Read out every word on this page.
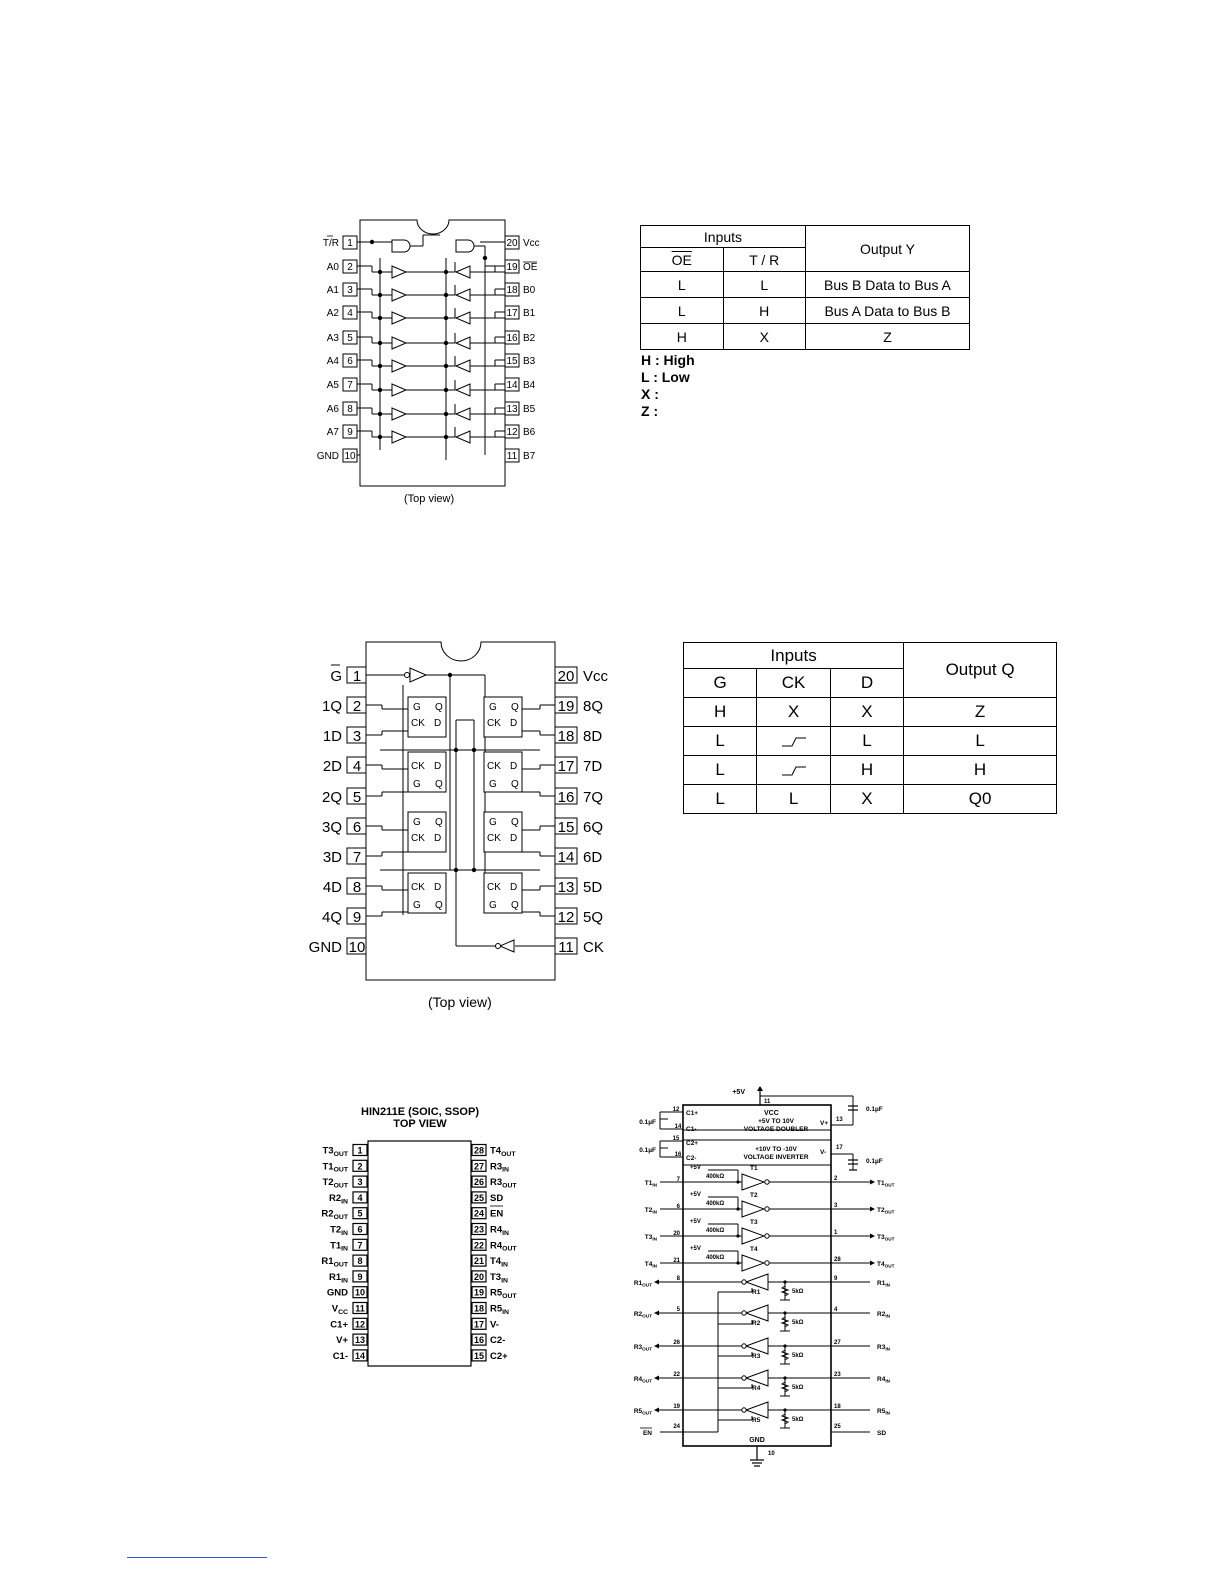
1
T/R
2
A0
3
A1
4
A2
5
A3
6
A4
7
A5
8
A6
9
A7
10
GND
20 Vcc
19 OE
18 B0
17 B1
16 B2
15 B3
14 B4
13 B5
12 B6
11 B7
(Top view)
Inputs		Output Y
$\overline{OE}$	T / R	
L	L	Bus B Data to Bus A
L	H	Bus A Data to Bus B
H	X	Z
H : High
L : Low
X :
Z :
1
G
2
1Q
3
1D
4
2D
5
2Q
6
3Q
7
3D
8
4D
9
4Q
10
GND
20 Vcc
19 8Q
18 8D
17 7D
16 7Q
15 6Q
14 6D
13 5D
12 5Q
11 CK
G Q
CK D
G Q
CK D
G Q
CK D
G Q
CK D
G Q
CK D
G Q
CK D
G Q
CK D
G Q
CK D
(Top view)
Inputs			Output Q
G	CK	D	
H	X	X	Z
L		L	L
L		H	H
L	L	X	Q0
HIN211E (SOIC, SSOP)
TOP VIEW
1
$T3_{OUT}$
2
$T1_{OUT}$
3
$T2_{OUT}$
4
$R2_{IN}$
5
$R2_{OUT}$
6
$T2_{IN}$
7
$T1_{IN}$
8
$R1_{OUT}$
9
$R1_{IN}$
10
GND
11
$V_{CC}$
12
C1+
13
V+
14
C1-
28 $T4_{OUT}$
27 $R3_{IN}$
26 $R3_{OUT}$
25 SD
24 EN
23 $R4_{IN}$
22 $R4_{OUT}$
21 $T4_{IN}$
20 $T3_{IN}$
19 $R5_{OUT}$
18 $R5_{IN}$
17 V-
16 C2-
15 C2+
+5V
11
VCC
+5V TO 10V
VOLTAGE DOUBLER
+10V TO -10V
VOLTAGE INVERTER
C1+
C1-
C2+
C2-
12
14
15
16
0.1µF
0.1µF
V+
V-
13
17
0.1µF
0.1µF
$T1_{IN}$
7
+5V
400kΩ
T1
2
$T1_{OUT}$
$T2_{IN}$
6
+5V
400kΩ
T2
3
$T2_{OUT}$
$T3_{IN}$
20
+5V
400kΩ
T3
1
$T3_{OUT}$
$T4_{IN}$
21
+5V
400kΩ
T4
28
$T4_{OUT}$
$R1_{OUT}$
8
R1	5kΩ
9
$R1_{IN}$
$R2_{OUT}$
5
R2	5kΩ
4
$R2_{IN}$
$R3_{OUT}$
26
R3	5kΩ
27
$R3_{IN}$
$R4_{OUT}$
22
R4	5kΩ
23
$R4_{IN}$
$R5_{OUT}$
19
R5	5kΩ
18
$R5_{IN}$
EN
24	25
SD
GND
10
